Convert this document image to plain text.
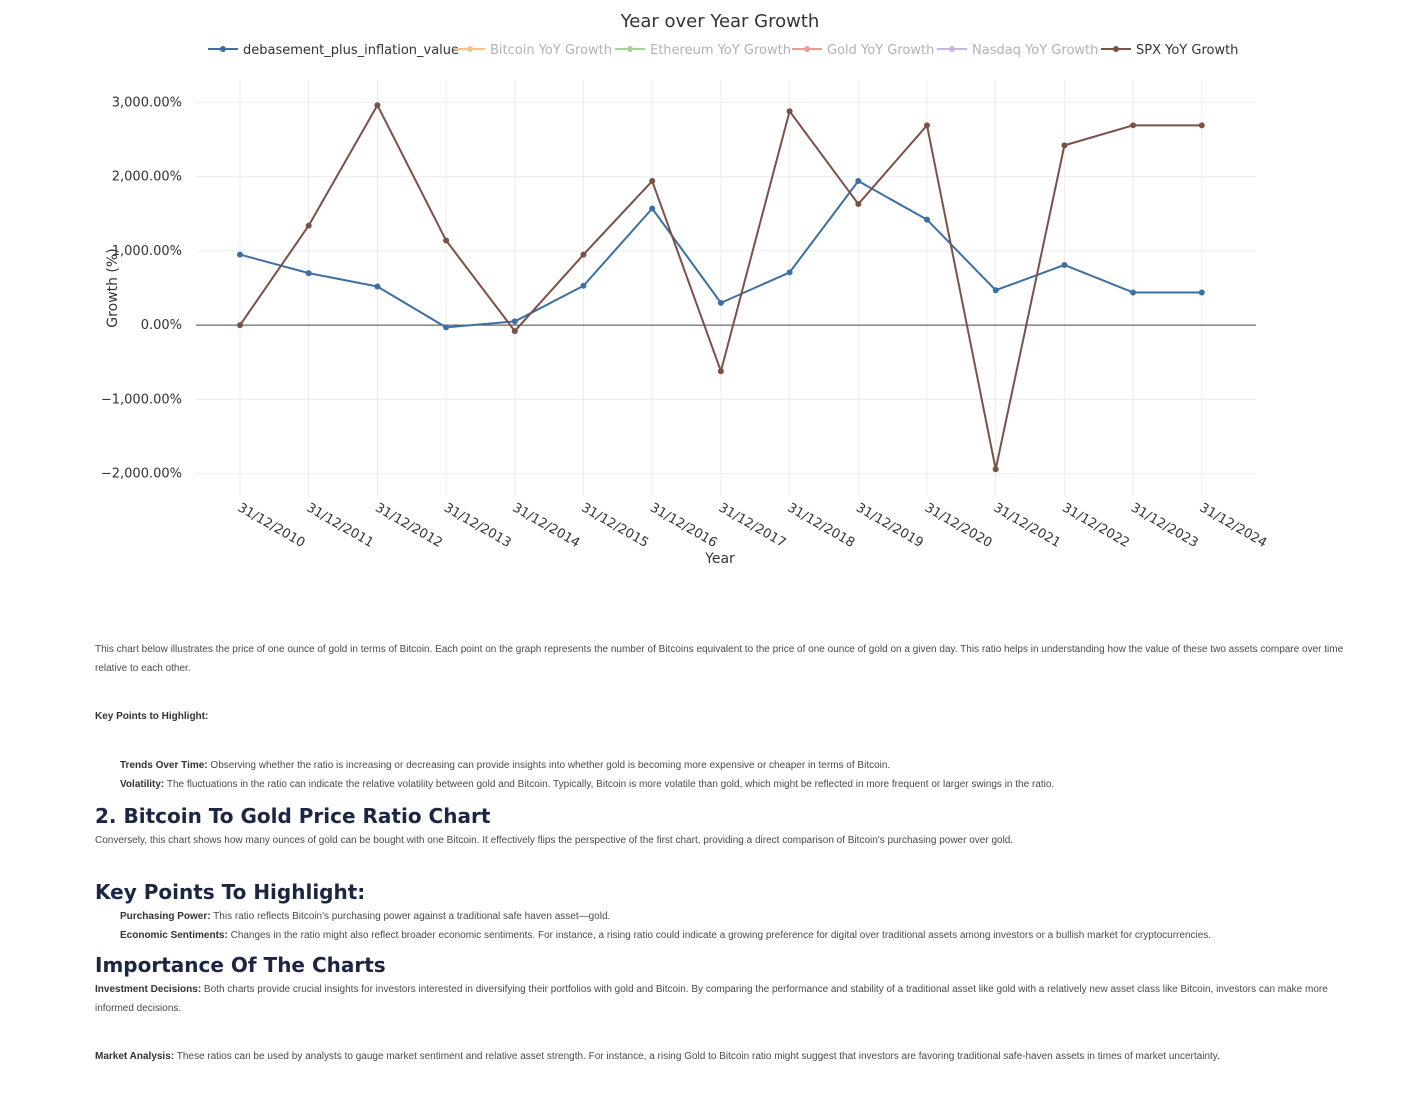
Year over Year Growth
3,000.00%
2,000.00%
1,000.00%
0.00%
−1,000.00%
−2,000.00%
31/12/2010
31/12/2011
31/12/2012
31/12/2013
31/12/2014
31/12/2015
31/12/2016
31/12/2017
31/12/2018
31/12/2019
31/12/2020
31/12/2021
31/12/2022
31/12/2023
31/12/2024
Year
Growth (%)
debasement_plus_inflation_value Bitcoin YoY Growth	Ethereum YoY Growth	Gold YoY Growth	Nasdaq YoY Growth	SPX YoY Growth

This chart below illustrates the price of one ounce of gold in terms of Bitcoin. Each point on the graph represents the number of Bitcoins equivalent to the price of one ounce of gold on a given day. This ratio helps in understanding how the value of these two assets compare over time relative to each other.

Key Points to Highlight:

Trends Over Time: Observing whether the ratio is increasing or decreasing can provide insights into whether gold is becoming more expensive or cheaper in terms of Bitcoin.

Volatility: The fluctuations in the ratio can indicate the relative volatility between gold and Bitcoin. Typically, Bitcoin is more volatile than gold, which might be reflected in more frequent or larger swings in the ratio.

2. Bitcoin To Gold Price Ratio Chart

Conversely, this chart shows how many ounces of gold can be bought with one Bitcoin. It effectively flips the perspective of the first chart, providing a direct comparison of Bitcoin's purchasing power over gold.

Key Points To Highlight:

Purchasing Power: This ratio reflects Bitcoin's purchasing power against a traditional safe haven asset—gold.

Economic Sentiments: Changes in the ratio might also reflect broader economic sentiments. For instance, a rising ratio could indicate a growing preference for digital over traditional assets among investors or a bullish market for cryptocurrencies.

Importance Of The Charts

Investment Decisions: Both charts provide crucial insights for investors interested in diversifying their portfolios with gold and Bitcoin. By comparing the performance and stability of a traditional asset like gold with a relatively new asset class like Bitcoin, investors can make more informed decisions.

Market Analysis: These ratios can be used by analysts to gauge market sentiment and relative asset strength. For instance, a rising Gold to Bitcoin ratio might suggest that investors are favoring traditional safe-haven assets in times of market uncertainty.
